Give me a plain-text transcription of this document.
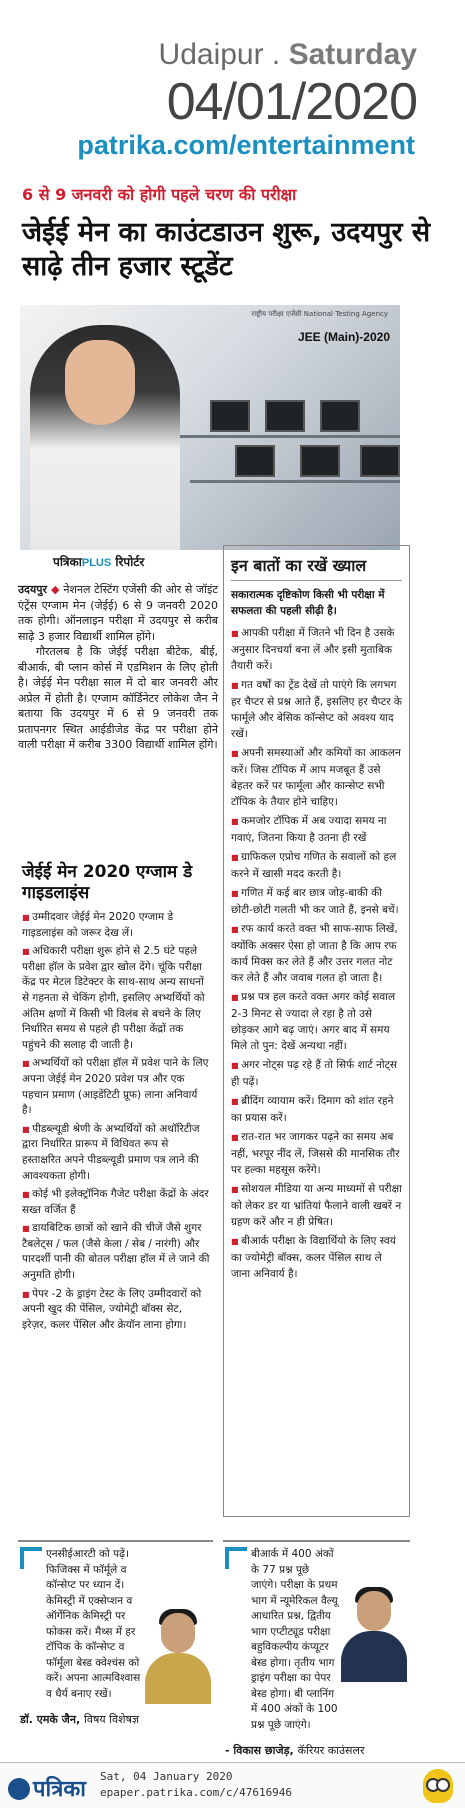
Udaipur . Saturday
04/01/2020
patrika.com/entertainment
6 से 9 जनवरी को होगी पहले चरण की परीक्षा
जेईई मेन का काउंटडाउन शुरू, उदयपुर से साढ़े तीन हजार स्टूडेंट
राष्ट्रीय परीक्षा एजेंसी National Testing Agency
JEE (Main)-2020
पत्रिकाPLUS रिपोर्टर

उदयपुर ◆ नेशनल टेस्टिंग एजेंसी की ओर से जॉइंट एंट्रेंस एग्जाम मेन (जेईई) 6 से 9 जनवरी 2020 तक होगी। ऑनलाइन परीक्षा में उदयपुर से करीब साढ़े 3 हजार विद्यार्थी शामिल होंगे।

गौरतलब है कि जेईई परीक्षा बीटेक, बीई, बीआर्क, बी प्लान कोर्स में एडमिशन के लिए होती है। जेईई मेन परीक्षा साल में दो बार जनवरी और अप्रेल में होती है। एग्जाम कॉर्डिनेटर लोकेश जैन ने बताया कि उदयपुर में 6 से 9 जनवरी तक प्रतापनगर स्थित आईडीजेड केंद्र पर परीक्षा होने वाली परीक्षा में करीब 3300 विद्यार्थी शामिल होंगे।

जेईई मेन 2020 एग्जाम डे गाइडलाइंस
■ उम्मीदवार जेईई मेन 2020 एग्जाम डे गाइडलाइंस को जरूर देख लें।
■ अधिकारी परीक्षा शुरू होने से 2.5 घंटे पहले परीक्षा हॉल के प्रवेश द्वार खोल देंगे। चूंकि परीक्षा केंद्र पर मेटल डिटेक्टर के साथ-साथ अन्य साधनों से गहनता से चेकिंग होगी, इसलिए अभ्यर्थियों को अंतिम क्षणों में किसी भी विलंब से बचने के लिए निर्धारित समय से पहले ही परीक्षा केंद्रों तक पहुंचने की सलाह दी जाती है।
■ अभ्यर्थियों को परीक्षा हॉल में प्रवेश पाने के लिए अपना जेईई मेन 2020 प्रवेश पत्र और एक पहचान प्रमाण (आइडेंटिटी प्रूफ) लाना अनिवार्य है।
■ पीडब्ल्यूडी श्रेणी के अभ्यर्थियों को अथॉरिटीज द्वारा निर्धारित प्रारूप में विधिवत रूप से हस्ताक्षरित अपने पीडब्ल्यूडी प्रमाण पत्र लाने की आवश्यकता होगी।
■ कोई भी इलेक्ट्रॉनिक गैजेट परीक्षा केंद्रों के अंदर सख्त वर्जित हैं
■ डायबिटिक छात्रों को खाने की चीजें जैसे शुगर टैबलेट्स / फल (जैसे केला / सेब / नारंगी) और पारदर्शी पानी की बोतल परीक्षा हॉल में ले जाने की अनुमति होगी।
■ पेपर -2 के ड्राइंग टेस्ट के लिए उम्मीदवारों को अपनी खुद की पेंसिल, ज्योमेट्री बॉक्स सेट, इरेज़र, कलर पेंसिल और क्रेयॉन लाना होगा।
इन बातों का रखें ख्याल
सकारात्मक दृष्टिकोण किसी भी परीक्षा में सफलता की पहली सीढ़ी है।
■ आपकी परीक्षा में जितने भी दिन है उसके अनुसार दिनचर्या बना लें और इसी मुताबिक तैयारी करें।
■ गत वर्षों का ट्रेंड देखें तो पाएंगे कि लगभग हर चैप्टर से प्रश्न आते हैं, इसलिए हर चैप्टर के फार्मूले और बेसिक कॉन्सेप्ट को अवश्य याद रखें।
■ अपनी समस्याओं और कमियों का आकलन करें। जिस टॉपिक में आप मजबूत हैं उसे बेहतर करें पर फार्मूला और कान्सेप्ट सभी टॉपिक के तैयार होने चाहिए।
■ कमजोर टॉपिक में अब ज्यादा समय ना गवाएं, जितना किया है उतना ही रखें
■ ग्राफिकल एप्रोच गणित के सवालों को हल करने में खासी मदद करती है।
■ गणित में कई बार छात्र जोड़-बाकी की छोटी-छोटी गलती भी कर जाते हैं, इनसे बचें।
■ रफ कार्य करते वक्त भी साफ-साफ लिखें, क्योंकि अक्सर ऐसा हो जाता है कि आप रफ कार्य मिक्स कर लेते हैं और उत्तर गलत नोट कर लेते हैं और जवाब गलत हो जाता है।
■ प्रश्न पत्र हल करते वक्त अगर कोई सवाल 2-3 मिनट से ज्यादा ले रहा है तो उसे छोड़कर आगे बढ़ जाएं। अगर बाद में समय मिले तो पुन: देखें अन्यथा नहीं।
■ अगर नोट्स पढ़ रहे हैं तो सिर्फ शार्ट नोट्स ही पढ़ें।
■ ब्रीदिंग व्यायाम करें। दिमाग को शांत रहने का प्रयास करें।
■ रात-रात भर जागकर पढ़ने का समय अब नहीं, भरपूर नींद लें, जिससे की मानसिक तौर पर हल्का महसूस करेंगे।
■ सोशयल मीडिया या अन्य माध्यमों से परीक्षा को लेकर डर या भ्रांतियां फैलाने वाली खबरें न ग्रहण करें और न ही प्रेषित।
■ बीआर्क परीक्षा के विद्यार्थियो के लिए स्वयं का ज्योमेट्री बॉक्स, कलर पेंसिल साथ ले जाना अनिवार्य है।

एनसीईआरटी को पढ़ें। फिजिक्स में फॉर्मूले व कॉन्सेप्ट पर ध्यान दें। केमिस्ट्री में एक्सेप्शन व ऑर्गेनिक केमिस्ट्री पर फोकस करें। मैथ्स में हर टॉपिक के कॉन्सेप्ट व फॉर्मूला बेस्ड क्वेश्चंस को करें। अपना आत्मविश्वास व धैर्य बनाए रखें।

डॉ. एमके जैन, विषय विशेषज्ञ

बीआर्क में 400 अंकों के 77 प्रश्न पूछे जाएंगे। परीक्षा के प्रथम भाग में न्यूमेरिकल वैल्यू आधारित प्रश्न, द्वितीय भाग एप्टीट्यूड परीक्षा बहुविकल्पीय कंप्यूटर बेस्ड होगा। तृतीय भाग ड्राइंग परीक्षा का पेपर बेस्ड होगा। बी प्लानिंग में 400 अंकों के 100 प्रश्न पूछे जाएंगे।

- विकास छाजेड़, कॅरियर काउंसलर

पत्रिका
Sat, 04 January 2020
epaper.patrika.com/c/47616946
